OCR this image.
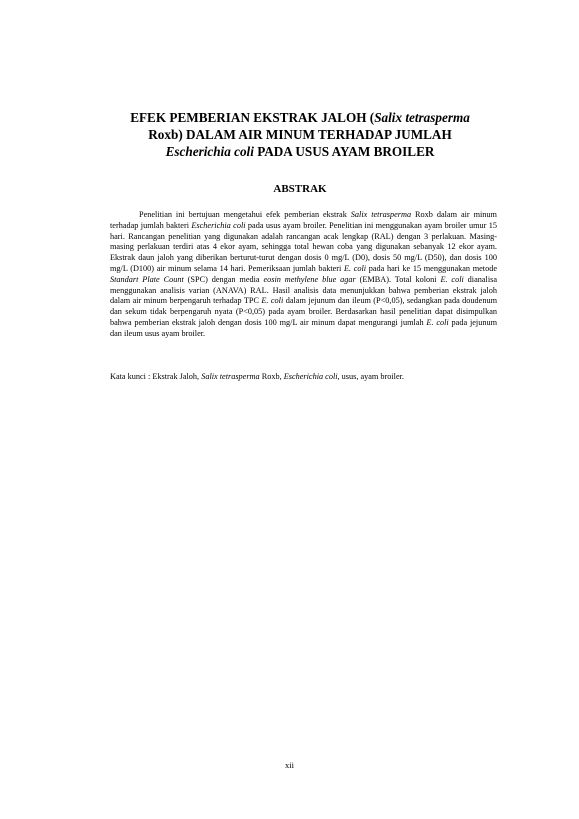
EFEK PEMBERIAN EKSTRAK JALOH (Salix tetrasperma
Roxb) DALAM AIR MINUM TERHADAP JUMLAH
Escherichia coli PADA USUS AYAM BROILER
ABSTRAK

Penelitian ini bertujuan mengetahui efek pemberian ekstrak Salix tetrasperma Roxb dalam air minum terhadap jumlah bakteri Escherichia coli pada usus ayam broiler. Penelitian ini menggunakan ayam broiler umur 15 hari. Rancangan penelitian yang digunakan adalah rancangan acak lengkap (RAL) dengan 3 perlakuan. Masing-masing perlakuan terdiri atas 4 ekor ayam, sehingga total hewan coba yang digunakan sebanyak 12 ekor ayam. Ekstrak daun jaloh yang diberikan berturut-turut dengan dosis 0 mg/L (D0), dosis 50 mg/L (D50), dan dosis 100 mg/L (D100) air minum selama 14 hari. Pemeriksaan jumlah bakteri E. coli pada hari ke 15 menggunakan metode Standart Plate Count (SPC) dengan media eosin methylene blue agar (EMBA). Total koloni E. coli dianalisa menggunakan analisis varian (ANAVA) RAL. Hasil analisis data menunjukkan bahwa pemberian ekstrak jaloh dalam air minum berpengaruh terhadap TPC E. coli dalam jejunum dan ileum (P<0,05), sedangkan pada doudenum dan sekum tidak berpengaruh nyata (P<0,05) pada ayam broiler. Berdasarkan hasil penelitian dapat disimpulkan bahwa pemberian ekstrak jaloh dengan dosis 100 mg/L air minum dapat mengurangi jumlah E. coli pada jejunum dan ileum usus ayam broiler.

Kata kunci : Ekstrak Jaloh, Salix tetrasperma Roxb, Escherichia coli, usus, ayam broiler.

xii
